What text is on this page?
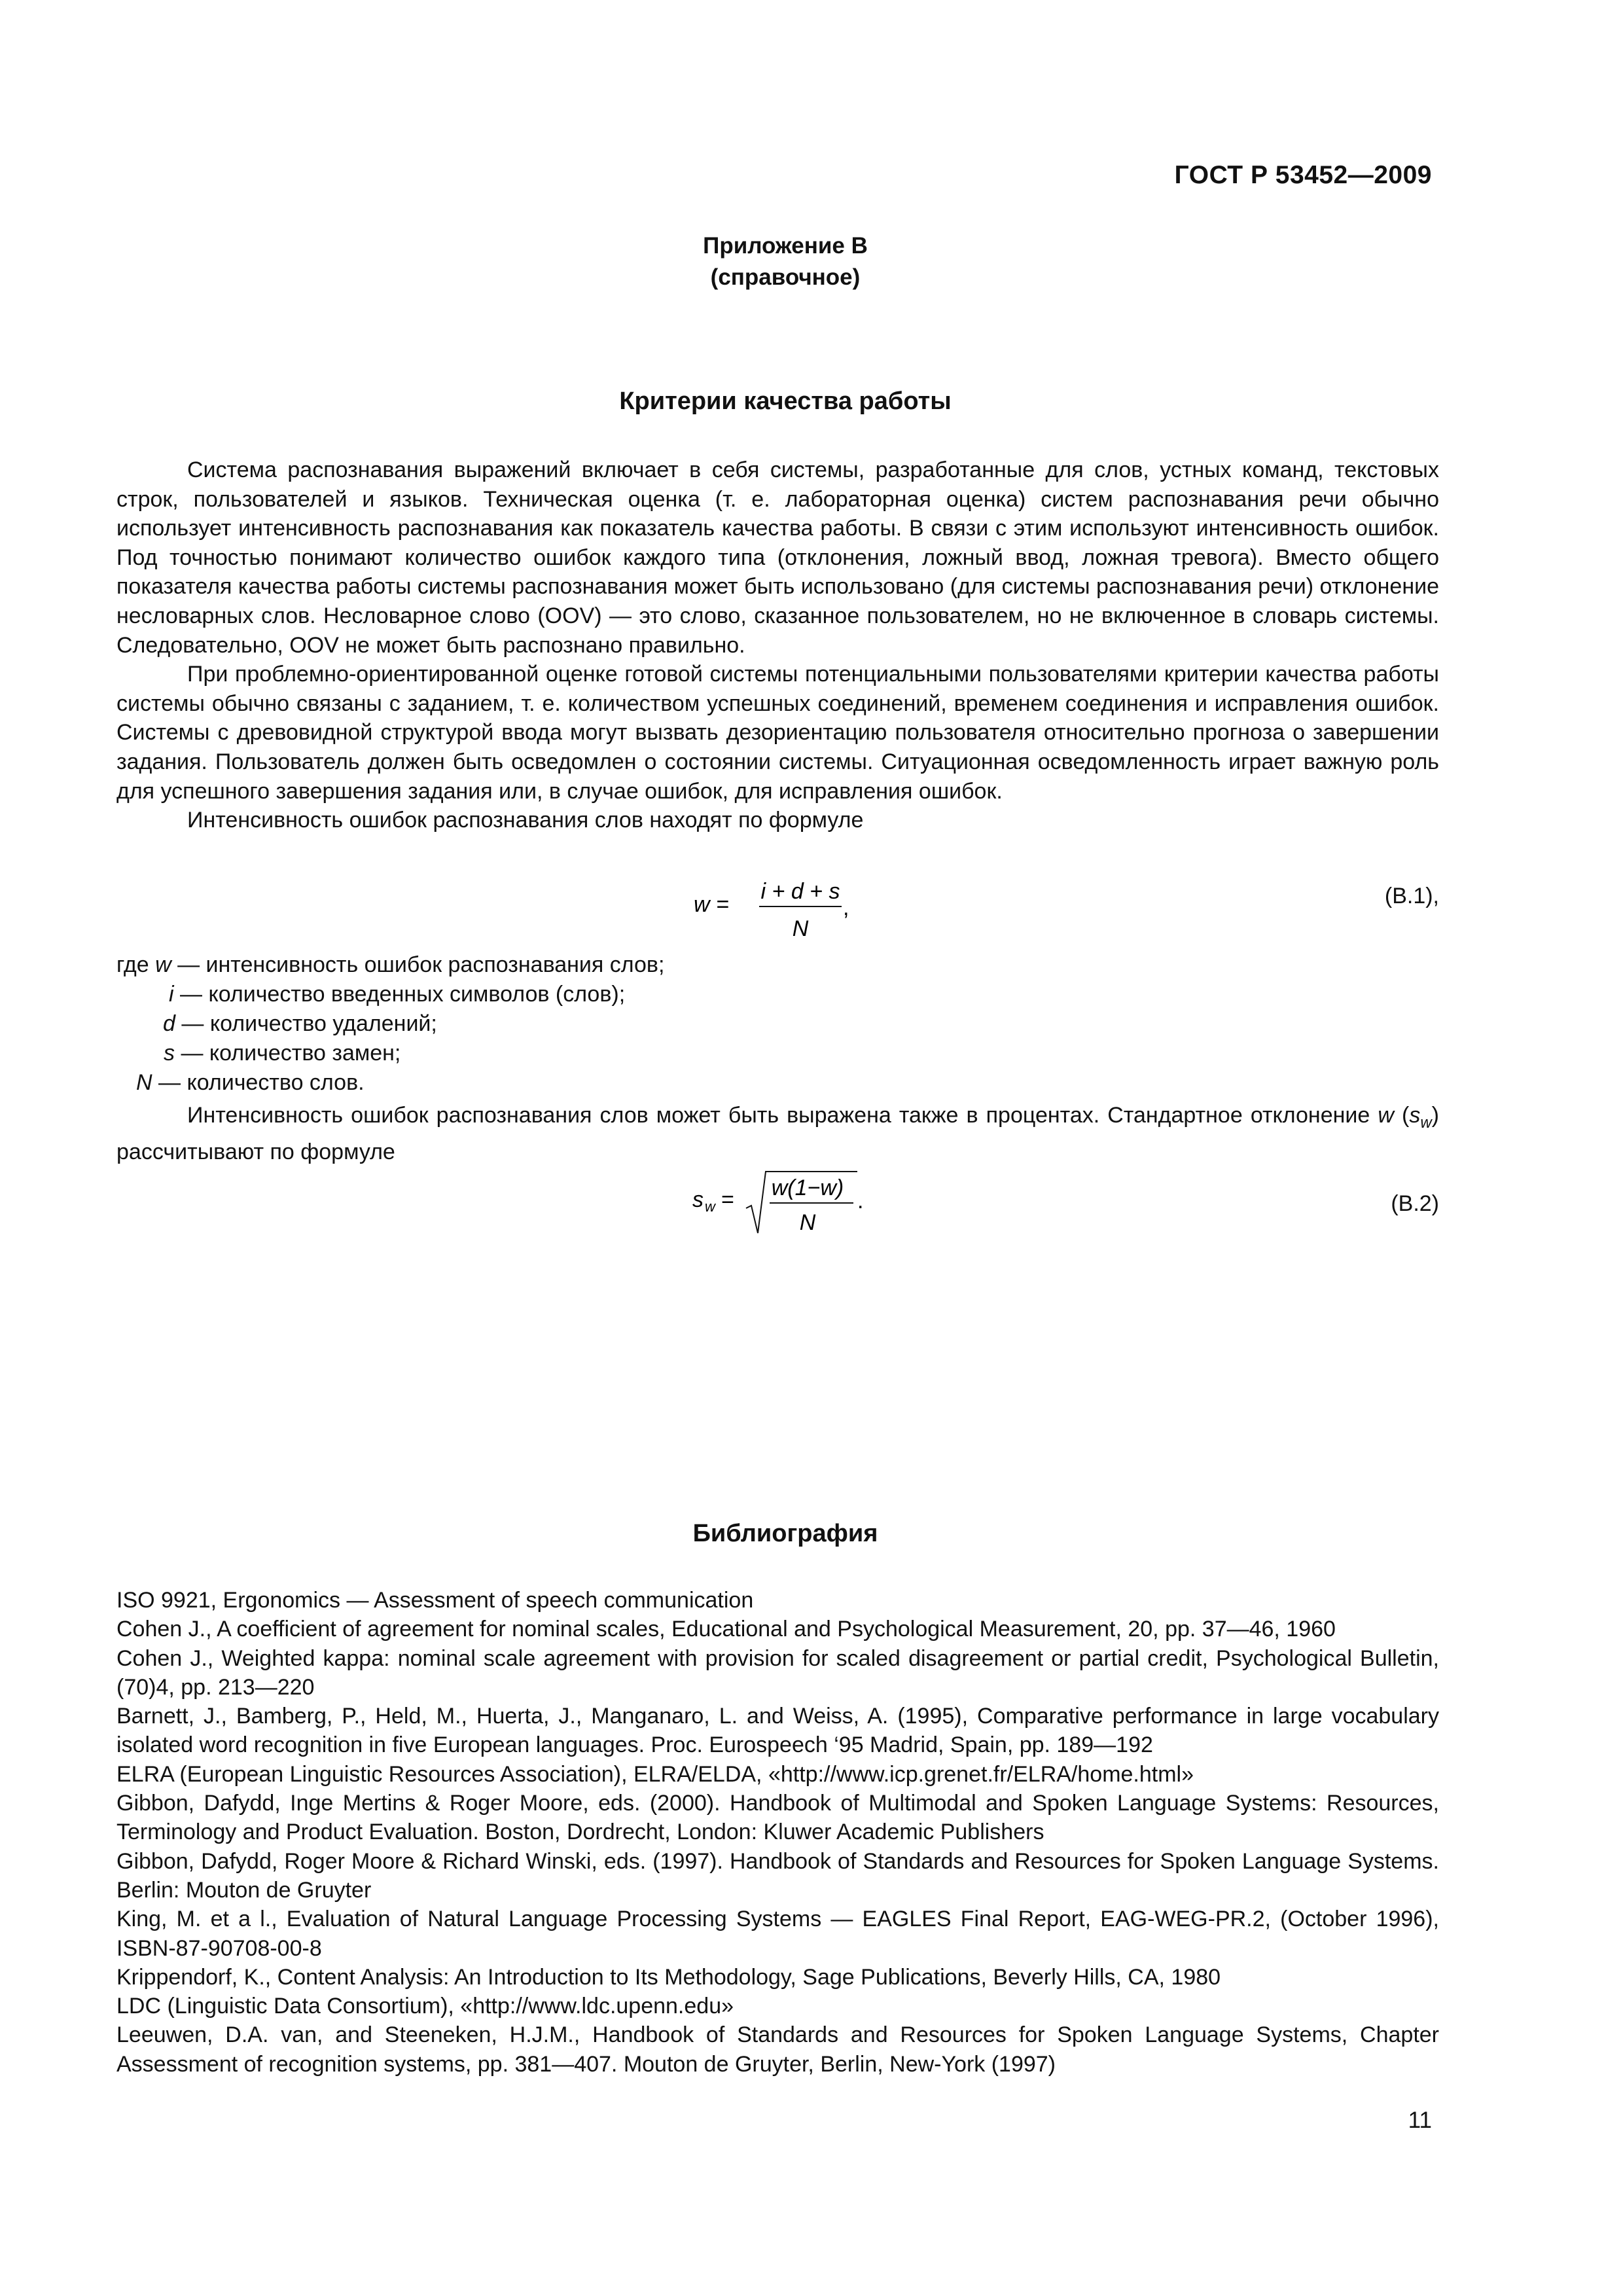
ГОСТ Р 53452—2009
Приложение В
(справочное)
Критерии качества работы

Система распознавания выражений включает в себя системы, разработанные для слов, устных команд, текстовых строк, пользователей и языков. Техническая оценка (т. е. лабораторная оценка) систем распознавания речи обычно использует интенсивность распознавания как показатель качества работы. В связи с этим используют интенсивность ошибок. Под точностью понимают количество ошибок каждого типа (отклонения, ложный ввод, ложная тревога). Вместо общего показателя качества работы системы распознавания может быть использовано (для системы распознавания речи) отклонение несловарных слов. Несловарное слово (OOV) — это слово, сказанное пользователем, но не включенное в словарь системы. Следовательно, OOV не может быть распознано правильно.

При проблемно-ориентированной оценке готовой системы потенциальными пользователями критерии качества работы системы обычно связаны с заданием, т. е. количеством успешных соединений, временем соединения и исправления ошибок. Системы с древовидной структурой ввода могут вызвать дезориентацию пользователя относительно прогноза о завершении задания. Пользователь должен быть осведомлен о состоянии системы. Ситуационная осведомленность играет важную роль для успешного завершения задания или, в случае ошибок, для исправления ошибок.

Интенсивность ошибок распознавания слов находят по формуле

w =
i + d + s
N
,	(В.1),
где w — интенсивность ошибок распознавания слов;
i — количество введенных символов (слов);
d — количество удалений;
s — количество замен;
N — количество слов.

Интенсивность ошибок распознавания слов может быть выражена также в процентах. Стандартное отклонение w $(s_w)$ рассчитывают по формуле

s w = w(1−w)
N
.	(В.2)
Библиография
ISO 9921, Ergonomics — Assessment of speech communication
Cohen J., A coefficient of agreement for nominal scales, Educational and Psychological Measurement, 20, pp. 37—46, 1960
Cohen J., Weighted kappa: nominal scale agreement with provision for scaled disagreement or partial credit, Psychological Bulletin, (70)4, pp. 213—220
Barnett, J., Bamberg, P., Held, M., Huerta, J., Manganaro, L. and Weiss, A. (1995), Comparative performance in large vocabulary isolated word recognition in five European languages. Proc. Eurospeech ‘95 Madrid, Spain, pp. 189—192
ELRA (European Linguistic Resources Association), ELRA/ELDA, «http://www.icp.grenet.fr/ELRA/home.html»
Gibbon, Dafydd, Inge Mertins & Roger Moore, eds. (2000). Handbook of Multimodal and Spoken Language Systems: Resources, Terminology and Product Evaluation. Boston, Dordrecht, London: Kluwer Academic Publishers
Gibbon, Dafydd, Roger Moore & Richard Winski, eds. (1997). Handbook of Standards and Resources for Spoken Language Systems. Berlin: Mouton de Gruyter
King, M. et a l., Evaluation of Natural Language Processing Systems — EAGLES Final Report, EAG-WEG-PR.2, (October 1996), ISBN-87-90708-00-8
Krippendorf, K., Content Analysis: An Introduction to Its Methodology, Sage Publications, Beverly Hills, CA, 1980
LDC (Linguistic Data Consortium), «http://www.ldc.upenn.edu»
Leeuwen, D.A. van, and Steeneken, H.J.M., Handbook of Standards and Resources for Spoken Language Systems, Chapter Assessment of recognition systems, pp. 381—407. Mouton de Gruyter, Berlin, New-York (1997)
11
